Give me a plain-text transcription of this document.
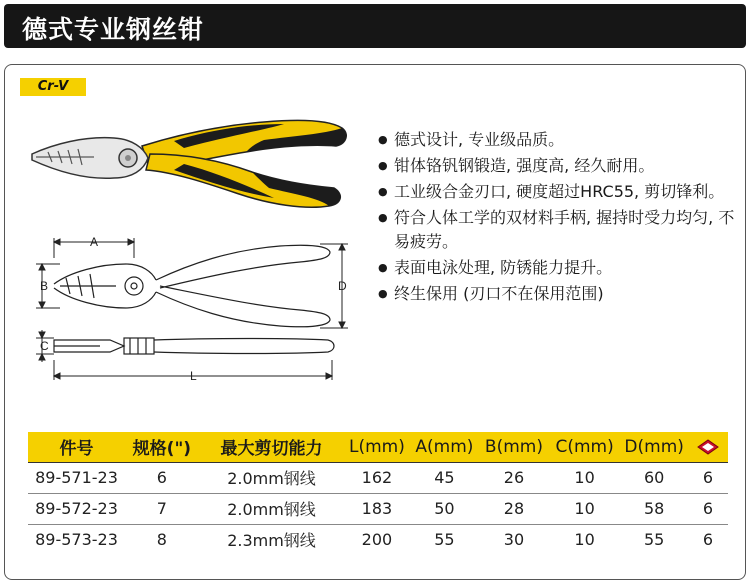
德式专业钢丝钳
Cr-V
A
B	D
C
L
● 德式设计, 专业级品质。
● 钳体铬钒钢锻造, 强度高, 经久耐用。
● 工业级合金刃口, 硬度超过HRC55, 剪切锋利。
● 符合人体工学的双材料手柄, 握持时受力均匀, 不易疲劳。
● 表面电泳处理, 防锈能力提升。
● 终生保用 (刃口不在保用范围)
件号	规格(")	最大剪切能力	L(mm)	A(mm)	B(mm)	C(mm)	D(mm)	
89-571-23	6	2.0mm钢线	162	45	26	10	60	6
89-572-23	7	2.0mm钢线	183	50	28	10	58	6
89-573-23	8	2.3mm钢线	200	55	30	10	55	6
